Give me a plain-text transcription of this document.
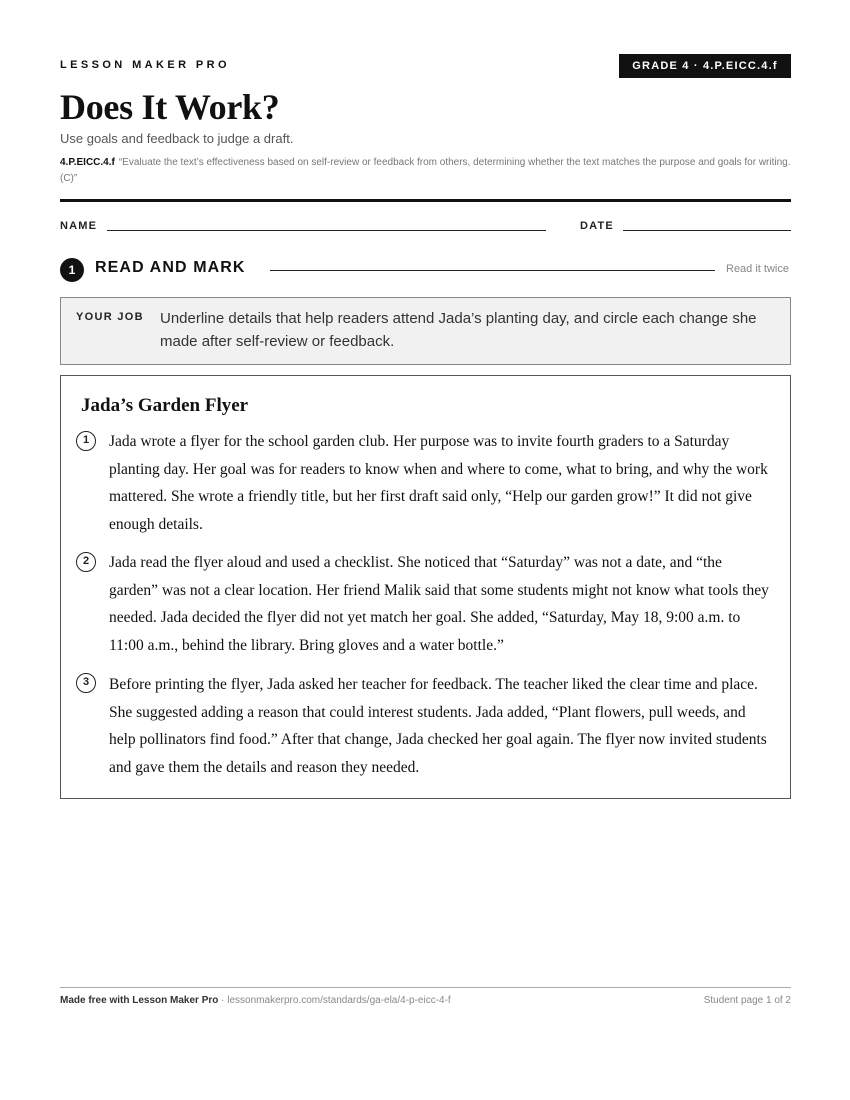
LESSON MAKER PRO	GRADE 4 · 4.P.EICC.4.f
Does It Work?
Use goals and feedback to judge a draft.
4.P.EICC.4.f “Evaluate the text’s effectiveness based on self-review or feedback from others, determining whether the text matches the purpose and goals for writing. (C)”
NAME	DATE
1	READ AND MARK	Read it twice
YOUR JOB Underline details that help readers attend Jada’s planting day, and circle each change she made after self-review or feedback.
Jada’s Garden Flyer
1	Jada wrote a flyer for the school garden club. Her purpose was to invite fourth graders to a Saturday planting day. Her goal was for readers to know when and where to come, what to bring, and why the work mattered. She wrote a friendly title, but her first draft said only, “Help our garden grow!” It did not give enough details.
2	Jada read the flyer aloud and used a checklist. She noticed that “Saturday” was not a date, and “the garden” was not a clear location. Her friend Malik said that some students might not know what tools they needed. Jada decided the flyer did not yet match her goal. She added, “Saturday, May 18, 9:00 a.m. to 11:00 a.m., behind the library. Bring gloves and a water bottle.”
3	Before printing the flyer, Jada asked her teacher for feedback. The teacher liked the clear time and place. She suggested adding a reason that could interest students. Jada added, “Plant flowers, pull weeds, and help pollinators find food.” After that change, Jada checked her goal again. The flyer now invited students and gave them the details and reason they needed.
Made free with Lesson Maker Pro · lessonmakerpro.com/standards/ga-ela/4-p-eicc-4-f	Student page 1 of 2
